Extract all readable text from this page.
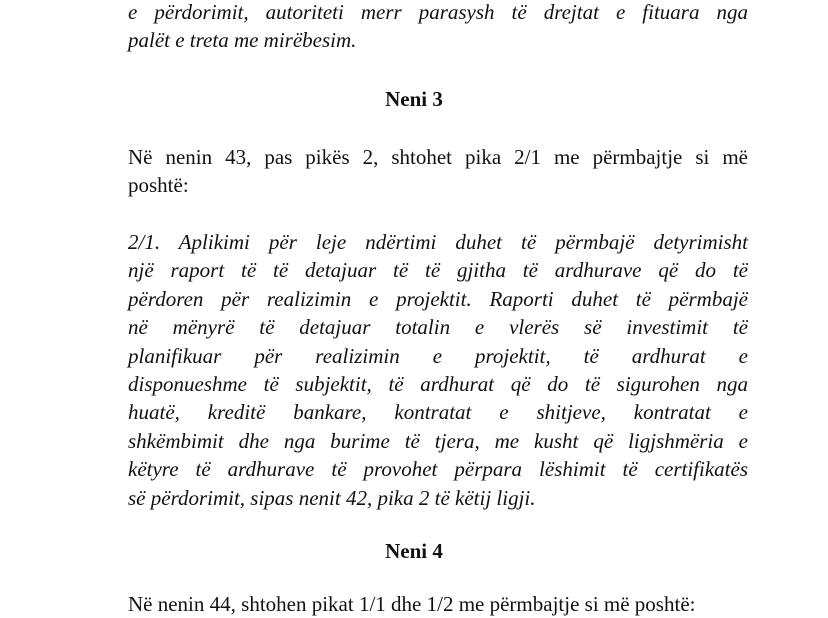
e përdorimit, autoriteti merr parasysh të drejtat e fituara nga
palët e treta me mirëbesim.
Neni 3
Në nenin 43, pas pikës 2, shtohet pika 2/1 me përmbajtje si më
poshtë:
2/1. Aplikimi për leje ndërtimi duhet të përmbajë detyrimisht
një raport të të detajuar të të gjitha të ardhurave që do të
përdoren për realizimin e projektit. Raporti duhet të përmbajë
në mënyrë të detajuar totalin e vlerës së investimit të
planifikuar për realizimin e projektit, të ardhurat e
disponueshme të subjektit, të ardhurat që do të sigurohen nga
huatë, kreditë bankare, kontratat e shitjeve, kontratat e
shkëmbimit dhe nga burime të tjera, me kusht që ligjshmëria e
këtyre të ardhurave të provohet përpara lëshimit të certifikatës
së përdorimit, sipas nenit 42, pika 2 të këtij ligji.
Neni 4
Në nenin 44, shtohen pikat 1/1 dhe 1/2 me përmbajtje si më poshtë:
